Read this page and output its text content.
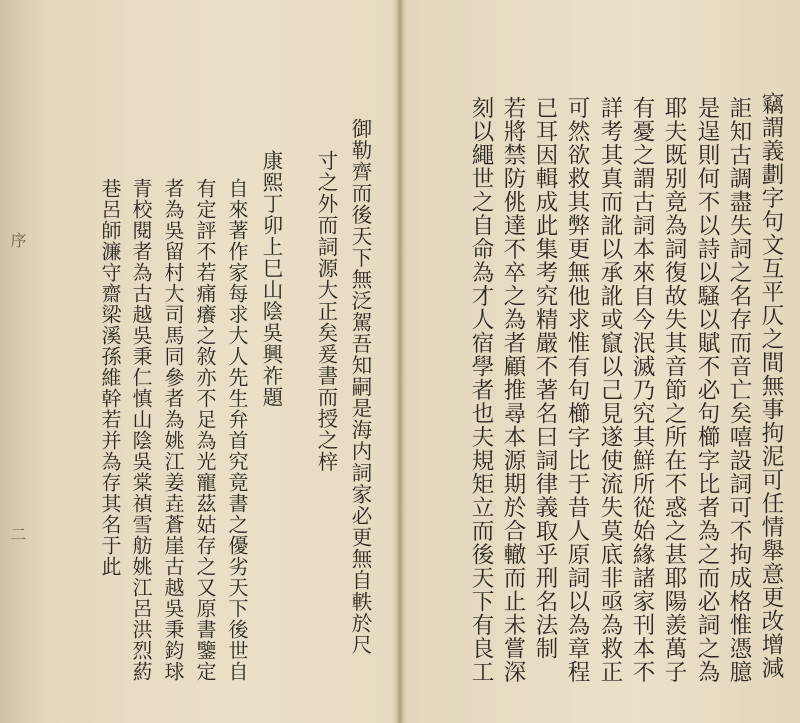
序
二	御勒齊而後天下無泛駕吾知嗣是海内詞家必更無自軼於尺
寸之外而詞源大正矣爰書而授之梓
康熙丁卯上巳山陰吳興祚題
自來著作家每求大人先生弁首究竟書之優劣天下後世自
有定評不若痛癢之敘亦不足為光寵茲姑存之又原書鑒定
者為吳留村大司馬同參者為姚江姜垚蒼崖古越吳秉鈞球
青校閱者為古越吳秉仁慎山陰吳棠禎雪舫姚江呂洪烈葯
巷呂師濂守齋梁溪孫維幹若并為存其名于此	竊謂義劃字句文互平仄之間無事拘泥可任情舉意更改增減
詎知古調盡失詞之名存而音亡矣嘻設詞可不拘成格惟憑臆
是逞則何不以詩以騷以賦不必句櫛字比者為之而必詞之為
耶夫既别竟為詞復故失其音節之所在不惑之甚耶陽羨萬子
有憂之謂古詞本來自今泯滅乃究其鮮所從始緣諸家刊本不
詳考其真而訛以承訛或竄以己見遂使流失莫底非亟為救正
可然欲救其弊更無他求惟有句櫛字比于昔人原詞以為章程
已耳因輯成此集考究精嚴不著名曰詞律義取乎刑名法制
若將禁防佻達不卒之為者顧推尋本源期於合轍而止未嘗深
刻以繩世之自命為才人宿學者也夫規矩立而後天下有良工
